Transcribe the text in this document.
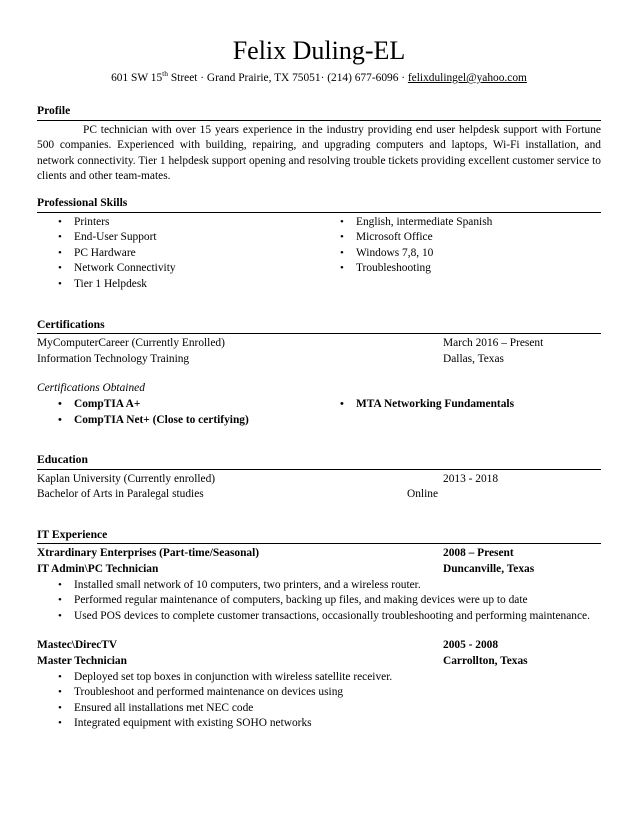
Felix Duling-EL
601 SW 15th Street · Grand Prairie, TX 75051· (214) 677-6096 · felixdulingel@yahoo.com
Profile
PC technician with over 15 years experience in the industry providing end user helpdesk support with Fortune 500 companies. Experienced with building, repairing, and upgrading computers and laptops, Wi-Fi installation, and network connectivity. Tier 1 helpdesk support opening and resolving trouble tickets providing excellent customer service to clients and other team-mates.
Professional Skills
• Printers
• End-User Support
• PC Hardware
• Network Connectivity
• Tier 1 Helpdesk
• English, intermediate Spanish
• Microsoft Office
• Windows 7,8, 10
• Troubleshooting
Certifications
MyComputerCareer (Currently Enrolled)	March 2016 – Present
Information Technology Training	Dallas, Texas
Certifications Obtained
• CompTIA A+
• CompTIA Net+ (Close to certifying)
• MTA Networking Fundamentals
Education
Kaplan University (Currently enrolled)	2013 - 2018
Bachelor of Arts in Paralegal studies	Online
IT Experience
Xtrardinary Enterprises (Part-time/Seasonal)	2008 – Present
IT Admin\PC Technician	Duncanville, Texas
• Installed small network of 10 computers, two printers, and a wireless router.
• Performed regular maintenance of computers, backing up files, and making devices were up to date
• Used POS devices to complete customer transactions, occasionally troubleshooting and performing maintenance.
Mastec\DirecTV	2005 - 2008
Master Technician	Carrollton, Texas
• Deployed set top boxes in conjunction with wireless satellite receiver.
• Troubleshoot and performed maintenance on devices using
• Ensured all installations met NEC code
• Integrated equipment with existing SOHO networks
